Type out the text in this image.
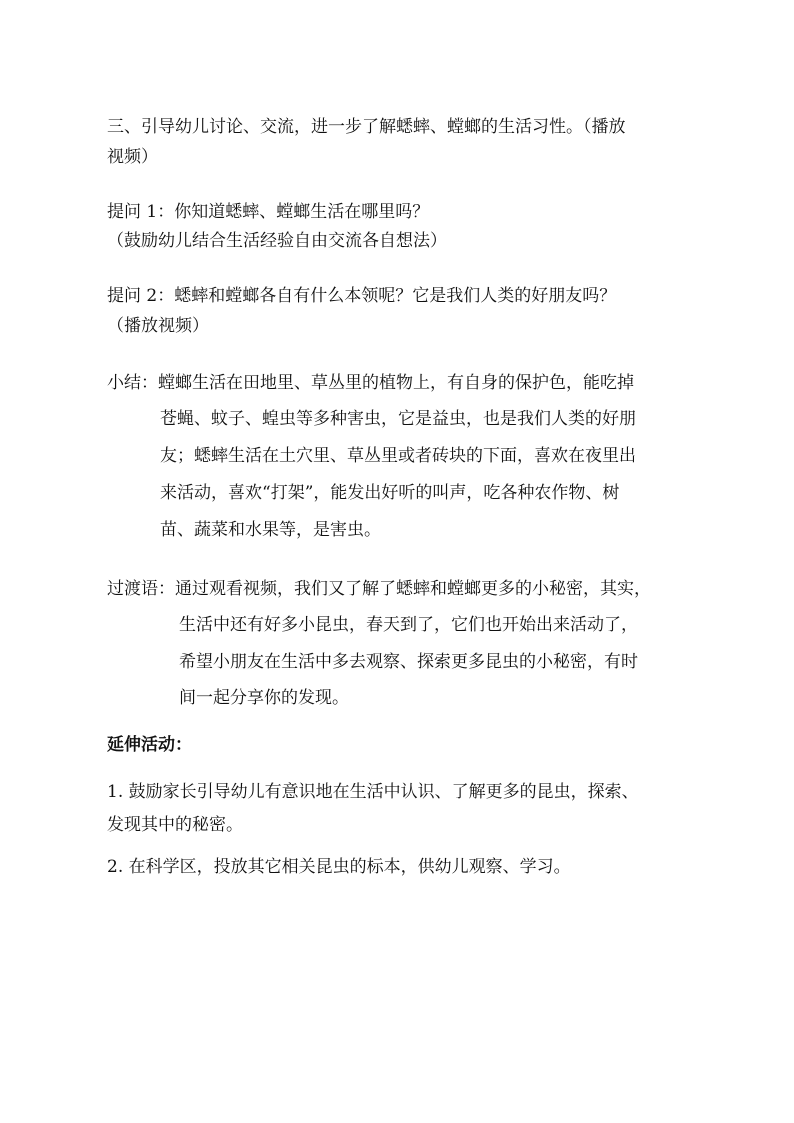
三、引导幼儿讨论、交流，进一步了解蟋蟀、螳螂的生活习性。（播放
视频）
提问 1：你知道蟋蟀、螳螂生活在哪里吗？
（鼓励幼儿结合生活经验自由交流各自想法）
提问 2：蟋蟀和螳螂各自有什么本领呢？它是我们人类的好朋友吗？
（播放视频）
小结：螳螂生活在田地里、草丛里的植物上，有自身的保护色，能吃掉
苍蝇、蚊子、蝗虫等多种害虫，它是益虫，也是我们人类的好朋
友；蟋蟀生活在土穴里、草丛里或者砖块的下面，喜欢在夜里出
来活动，喜欢“打架”，能发出好听的叫声，吃各种农作物、树
苗、蔬菜和水果等，是害虫。
过渡语：通过观看视频，我们又了解了蟋蟀和螳螂更多的小秘密，其实，
生活中还有好多小昆虫，春天到了，它们也开始出来活动了，
希望小朋友在生活中多去观察、探索更多昆虫的小秘密，有时
间一起分享你的发现。
延伸活动：
1. 鼓励家长引导幼儿有意识地在生活中认识、了解更多的昆虫，探索、
发现其中的秘密。
2. 在科学区，投放其它相关昆虫的标本，供幼儿观察、学习。
